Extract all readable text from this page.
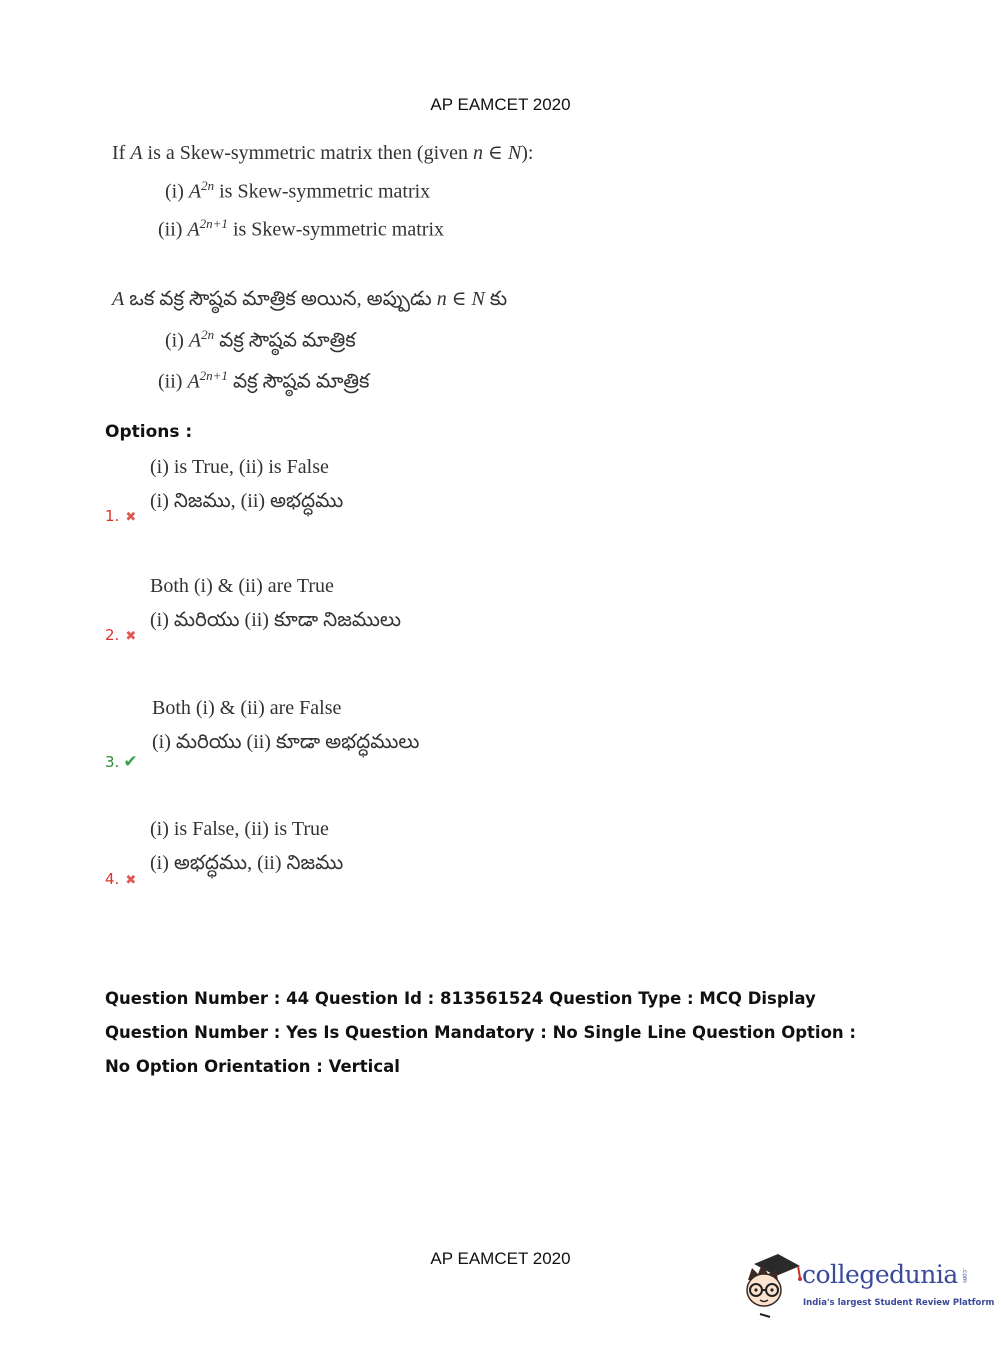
AP EAMCET 2020
If A is a Skew-symmetric matrix then (given n ∈ N):
(i) $A^{2n}$ is Skew-symmetric matrix
(ii) $A^{2n+1}$ is Skew-symmetric matrix
A ఒక వక్ర సౌష్ఠవ మాత్రిక అయిన, అప్పుడు n ∈ N కు
(i) $A^{2n}$ వక్ర సౌష్ఠవ మాత్రిక
(ii) $A^{2n+1}$ వక్ర సౌష్ఠవ మాత్రిక
Options :
(i) is True, (ii) is False
(i) నిజము, (ii) అభద్ధము
1. ✖
Both (i) & (ii) are True
(i) మరియు (ii) కూడా నిజములు
2. ✖
Both (i) & (ii) are False
(i) మరియు (ii) కూడా అభద్ధములు
3. ✔
(i) is False, (ii) is True
(i) అభద్ధము, (ii) నిజము
4. ✖
Question Number : 44 Question Id : 813561524 Question Type : MCQ Display Question Number : Yes Is Question Mandatory : No Single Line Question Option : No Option Orientation : Vertical
AP EAMCET 2020
collegedunia .com
India's largest Student Review Platform
